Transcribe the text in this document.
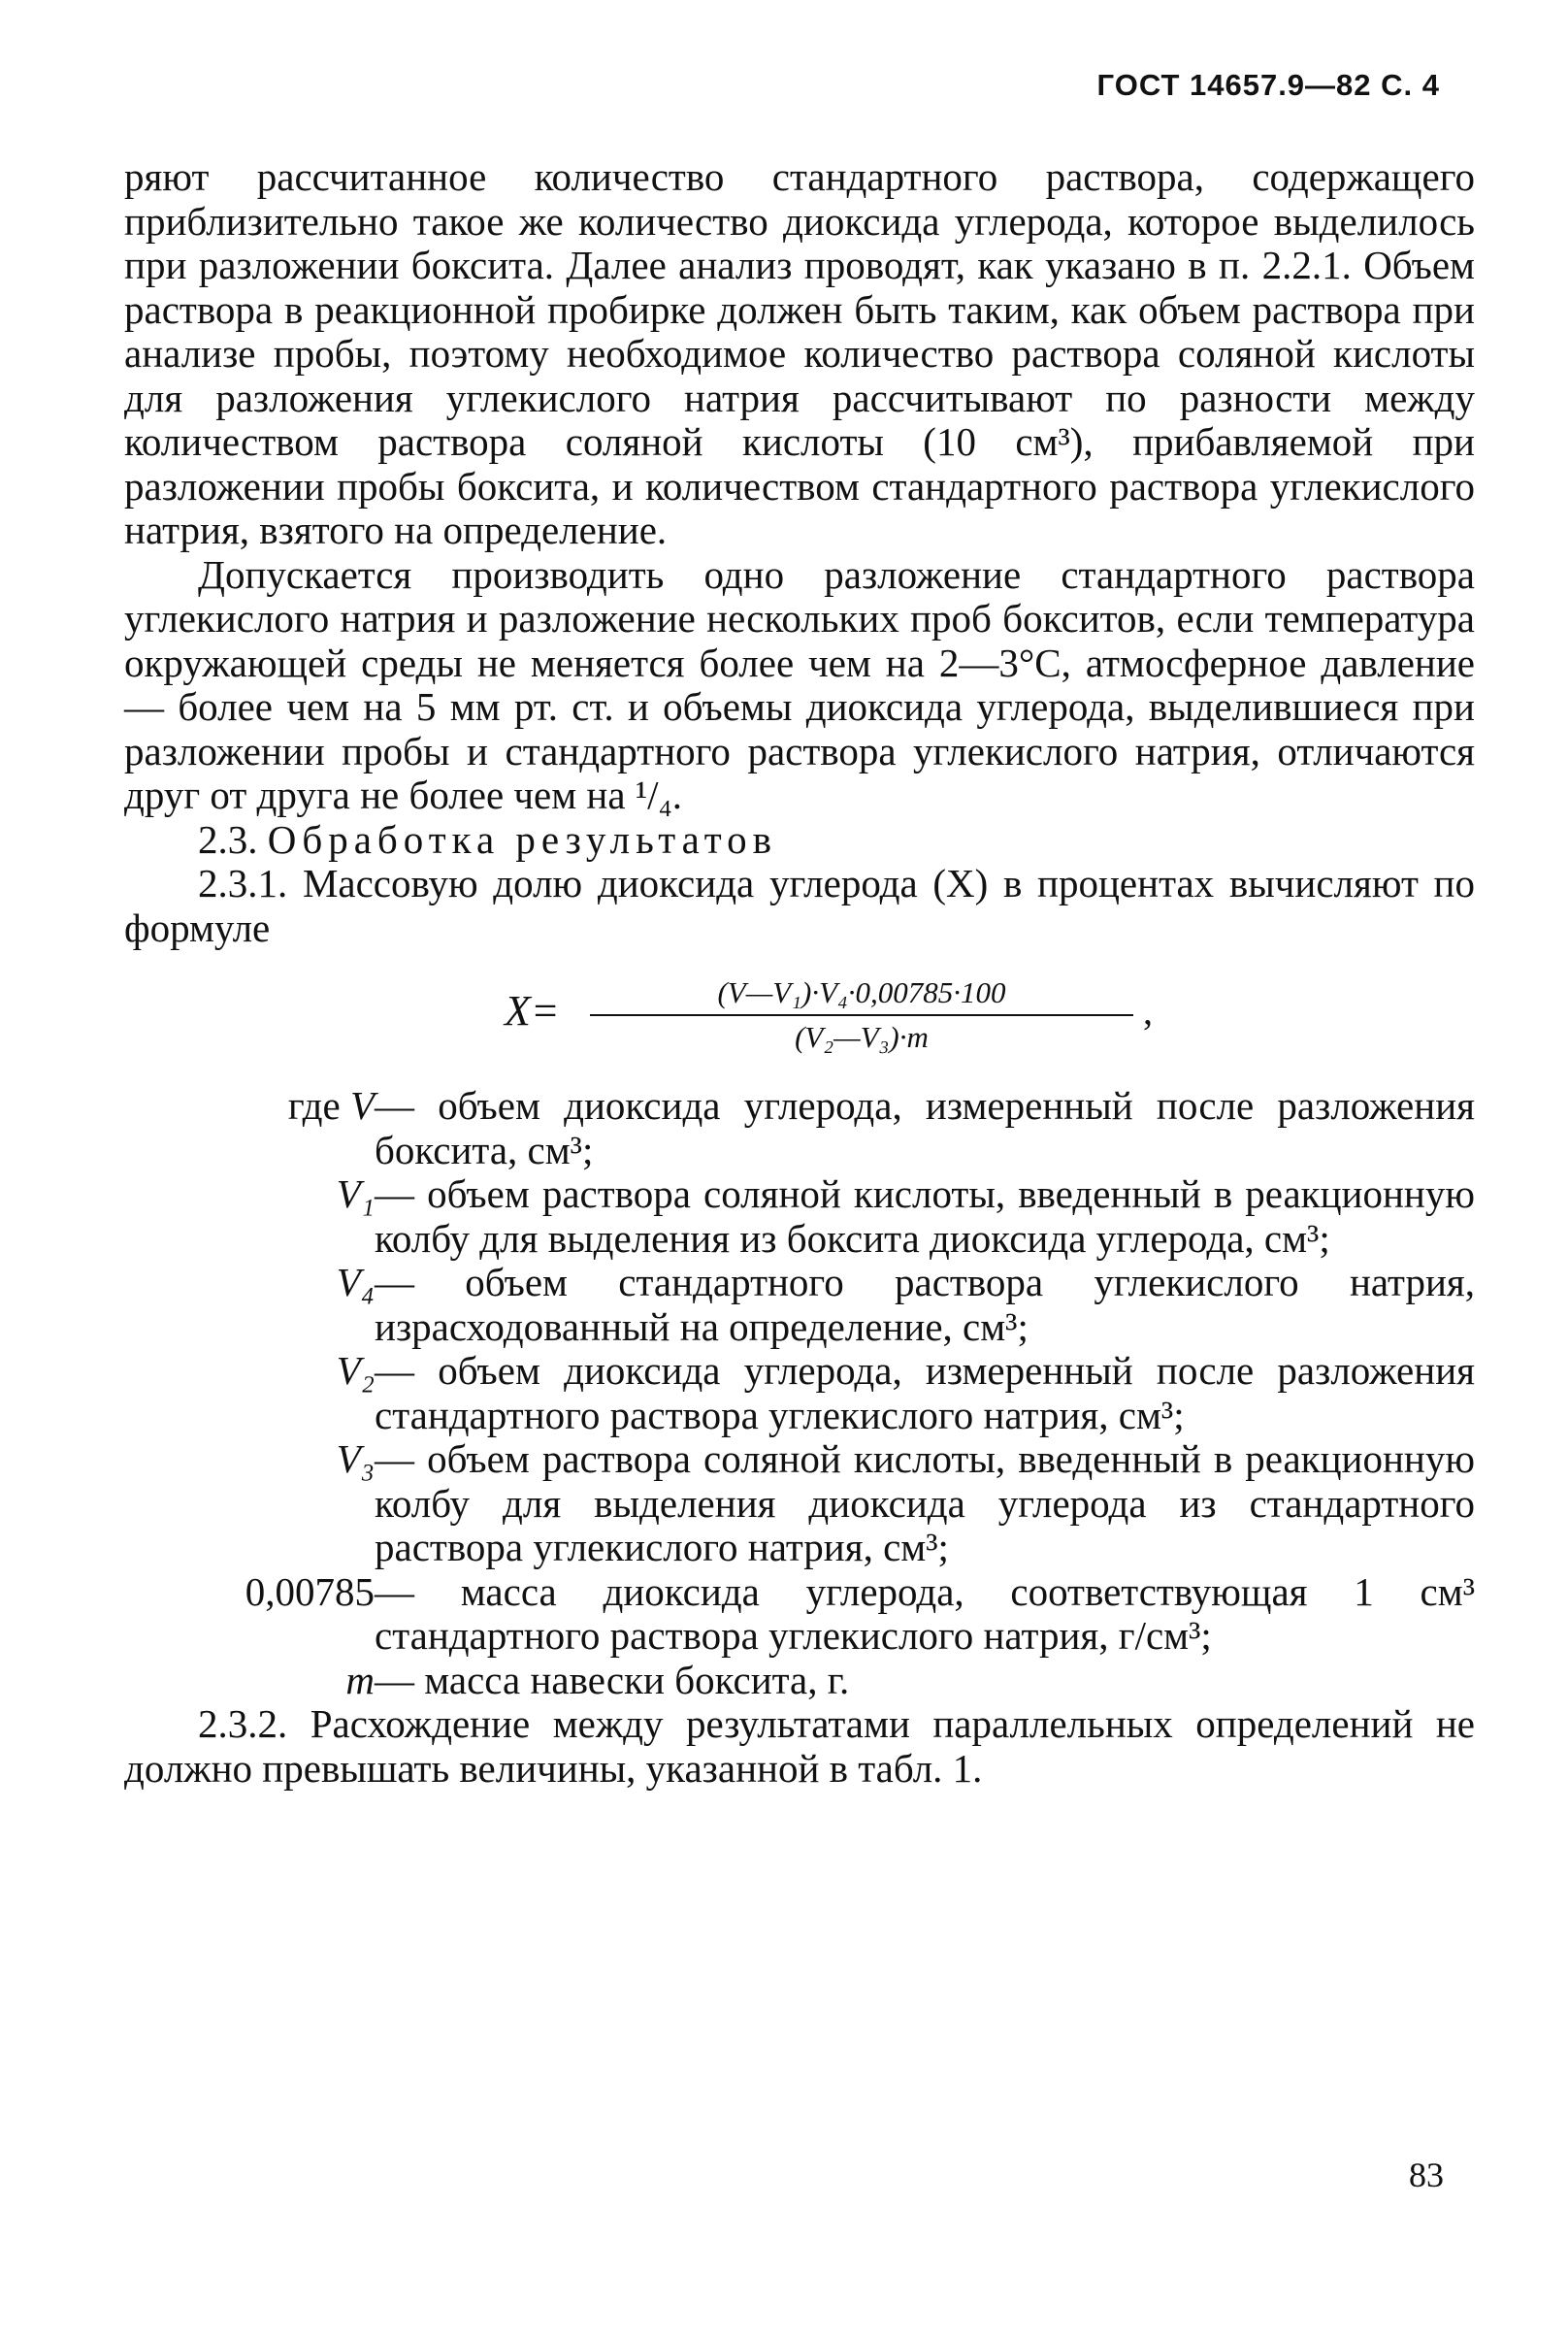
ГОСТ 14657.9—82 С. 4

ряют рассчитанное количество стандартного раствора, содержащего приблизительно такое же количество диоксида углерода, которое выделилось при разложении боксита. Далее анализ проводят, как указано в п. 2.2.1. Объем раствора в реакционной пробирке должен быть таким, как объем раствора при анализе пробы, поэтому необходимое количество раствора соляной кислоты для разложения углекислого натрия рассчитывают по разности между количеством раствора соляной кислоты (10 см³), прибавляемой при разложении пробы боксита, и количеством стандартного раствора углекислого натрия, взятого на определение.

Допускается производить одно разложение стандартного раствора углекислого натрия и разложение нескольких проб бокситов, если температура окружающей среды не меняется более чем на 2—3°С, атмосферное давление — более чем на 5 мм рт. ст. и объемы диоксида углерода, выделившиеся при разложении пробы и стандартного раствора углекислого натрия, отличаются друг от друга не более чем на ¹/₄.

2.3. Обработка результатов

2.3.1. Массовую долю диоксида углерода (X) в процентах вычисляют по формуле

$X= \frac{\text{(V—V₁)·V₄·0,00785·100}}{\text{(V₂—V₃)·m}}$ ,
где V — объем диоксида углерода, измеренный после разложения боксита, см³;
V₁ — объем раствора соляной кислоты, введенный в реакционную колбу для выделения из боксита диоксида углерода, см³;
V₄ — объем стандартного раствора углекислого натрия, израсходованный на определение, см³;
V₂ — объем диоксида углерода, измеренный после разложения стандартного раствора углекислого натрия, см³;
V₃ — объем раствора соляной кислоты, введенный в реакционную колбу для выделения диоксида углерода из стандартного раствора углекислого натрия, см³;
0,00785 — масса диоксида углерода, соответствующая 1 см³ стандартного раствора углекислого натрия, г/см³;
m — масса навески боксита, г.

2.3.2. Расхождение между результатами параллельных определений не должно превышать величины, указанной в табл. 1.

83
